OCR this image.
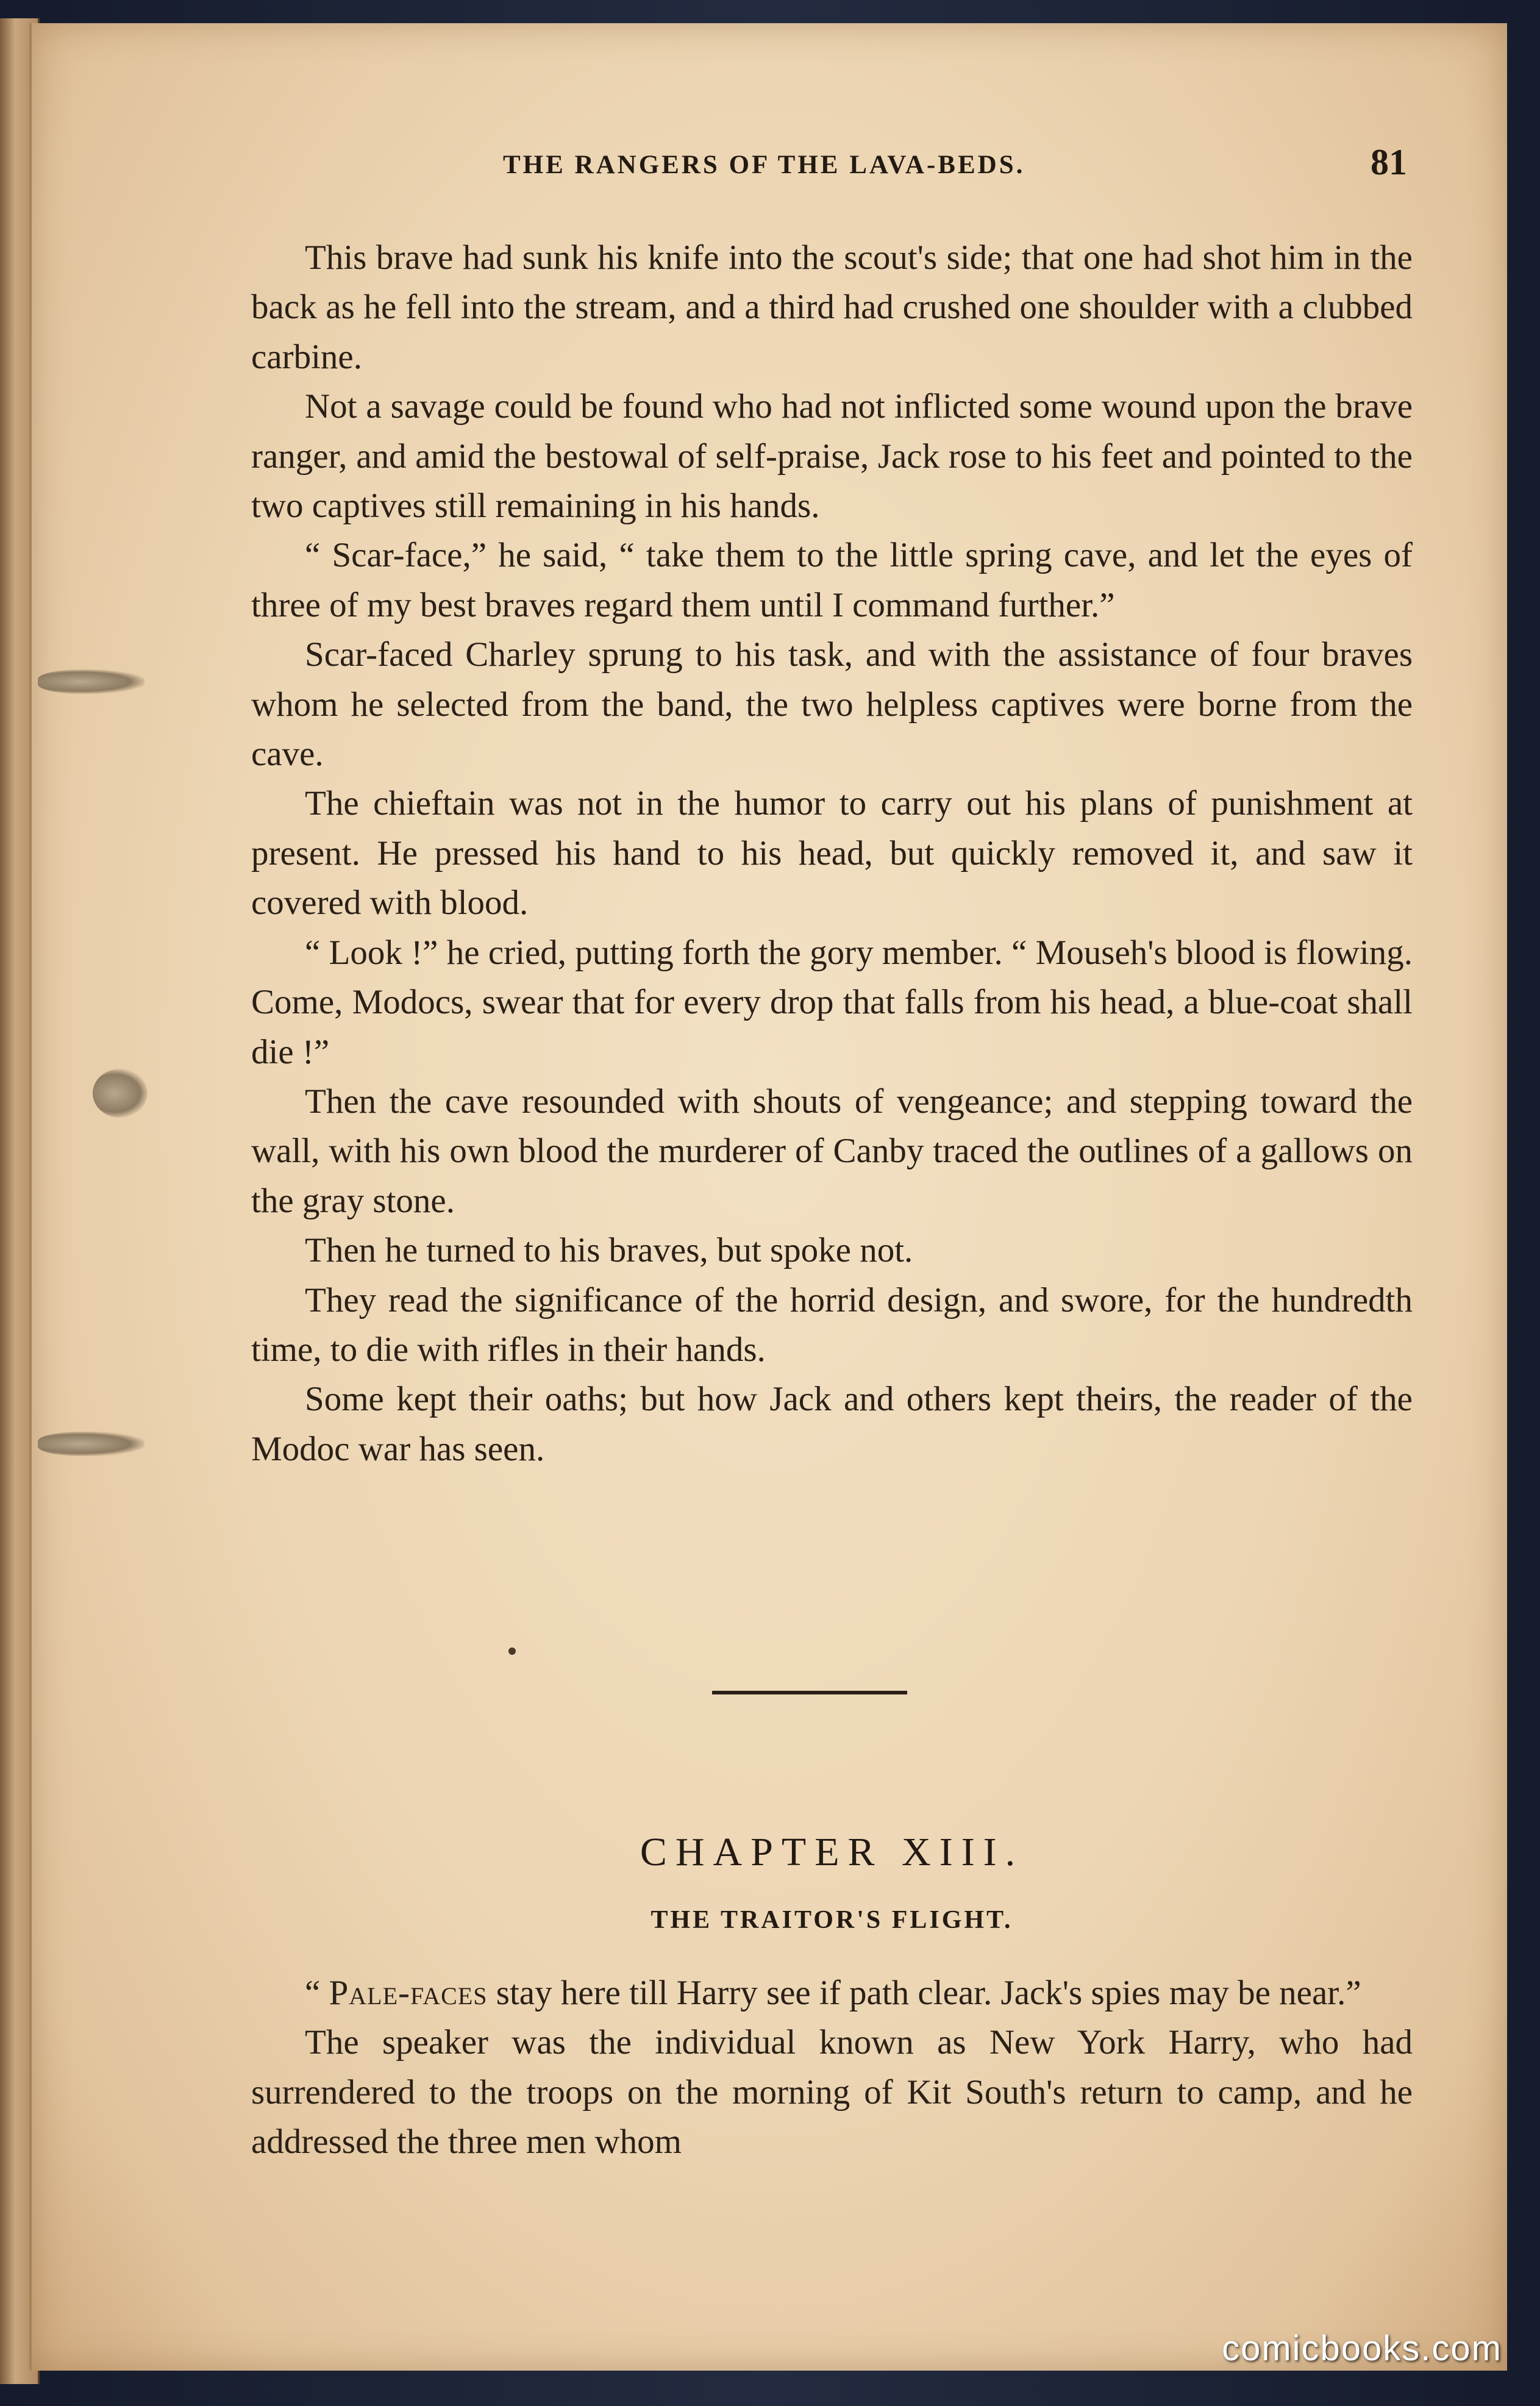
THE RANGERS OF THE LAVA-BEDS.	81

This brave had sunk his knife into the scout's side; that one had shot him in the back as he fell into the stream, and a third had crushed one shoulder with a clubbed carbine.

Not a savage could be found who had not inflicted some wound upon the brave ranger, and amid the bestowal of self-praise, Jack rose to his feet and pointed to the two captives still remaining in his hands.

“ Scar-face,” he said, “ take them to the little spring cave, and let the eyes of three of my best braves regard them until I command further.”

Scar-faced Charley sprung to his task, and with the assistance of four braves whom he selected from the band, the two helpless captives were borne from the cave.

The chieftain was not in the humor to carry out his plans of punishment at present. He pressed his hand to his head, but quickly removed it, and saw it covered with blood.

“ Look !” he cried, putting forth the gory member. “ Mouseh's blood is flowing. Come, Modocs, swear that for every drop that falls from his head, a blue-coat shall die !”

Then the cave resounded with shouts of vengeance; and stepping toward the wall, with his own blood the murderer of Canby traced the outlines of a gallows on the gray stone.

Then he turned to his braves, but spoke not.

They read the significance of the horrid design, and swore, for the hundredth time, to die with rifles in their hands.

Some kept their oaths; but how Jack and others kept theirs, the reader of the Modoc war has seen.

CHAPTER XIII.
THE TRAITOR'S FLIGHT.

“ Pale-faces stay here till Harry see if path clear. Jack's spies may be near.”

The speaker was the individual known as New York Harry, who had surrendered to the troops on the morning of Kit South's return to camp, and he addressed the three men whom

comicbooks.com
